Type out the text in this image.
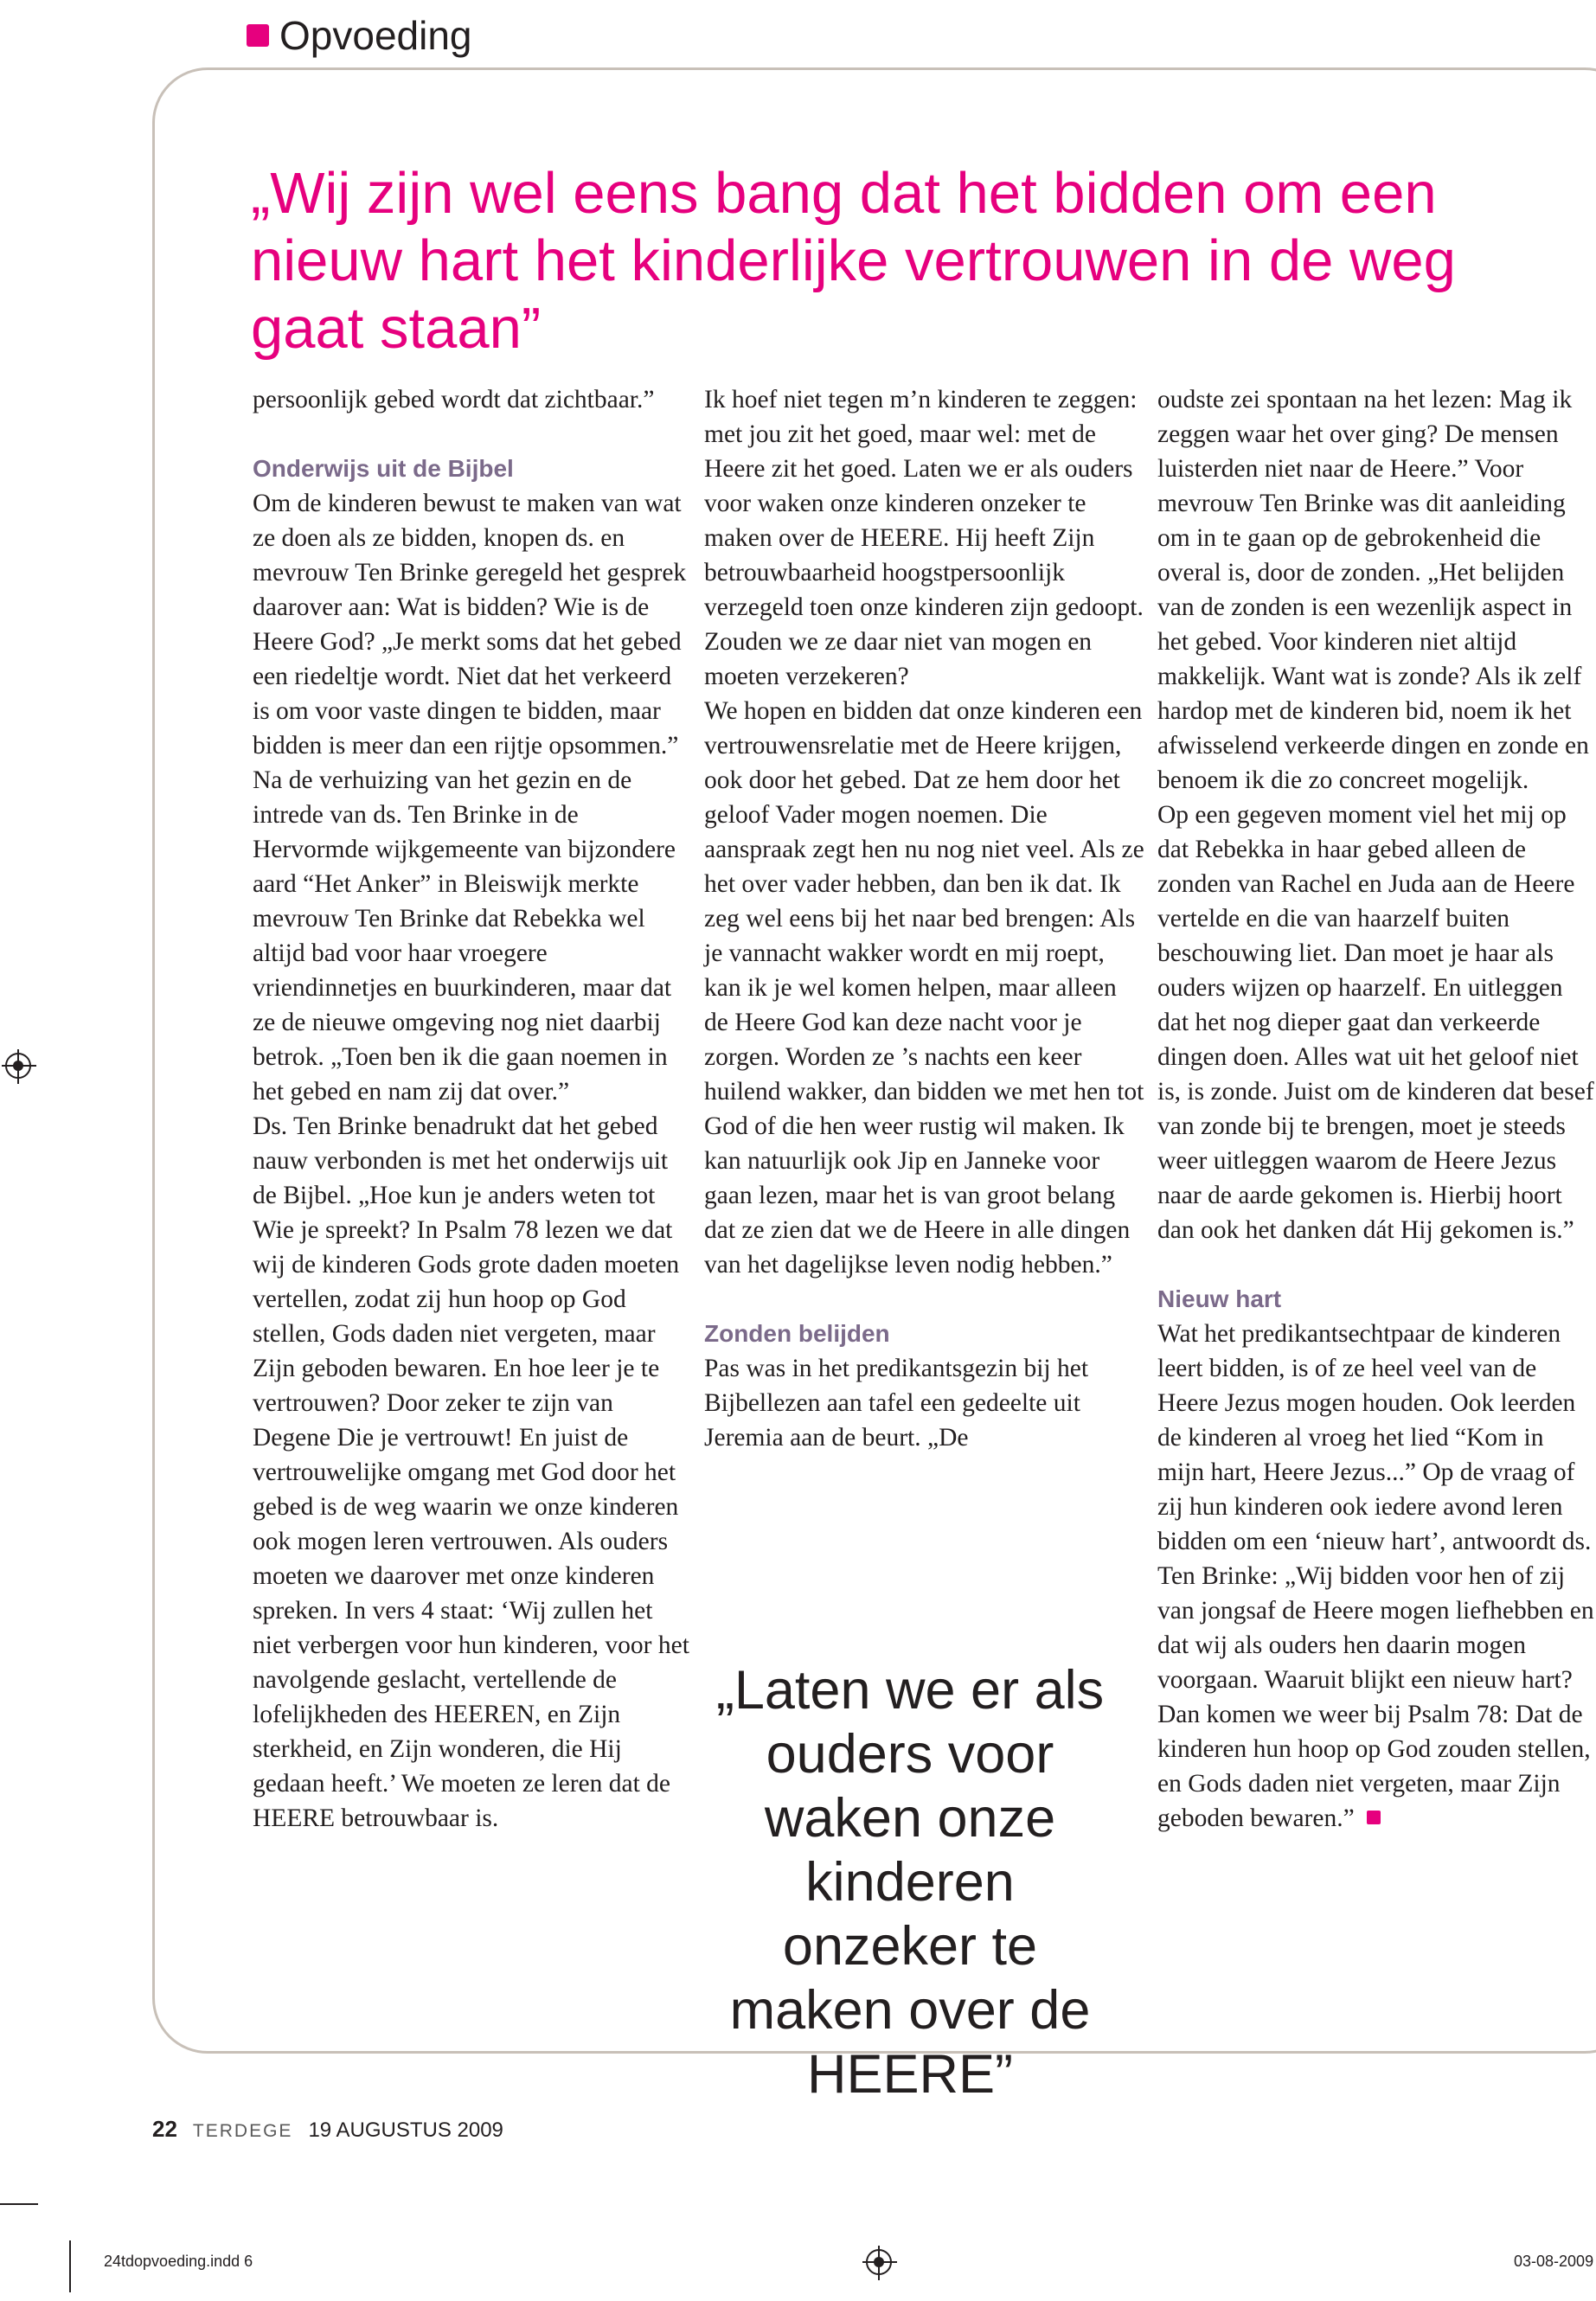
Opvoeding
„Wij zijn wel eens bang dat het bidden om een nieuw hart het kinderlijke vertrouwen in de weg gaat staan”

persoonlijk gebed wordt dat zichtbaar.”

Onderwijs uit de Bijbel

Om de kinderen bewust te maken van wat ze doen als ze bidden, knopen ds. en mevrouw Ten Brinke geregeld het gesprek daarover aan: Wat is bidden? Wie is de Heere God? „Je merkt soms dat het gebed een riedeltje wordt. Niet dat het verkeerd is om voor vaste dingen te bidden, maar bidden is meer dan een rijtje opsommen.”

Na de verhuizing van het gezin en de intrede van ds. Ten Brinke in de Hervormde wijkgemeente van bijzondere aard “Het Anker” in Bleiswijk merkte mevrouw Ten Brinke dat Rebekka wel altijd bad voor haar vroegere vriendinnetjes en buurkinderen, maar dat ze de nieuwe omgeving nog niet daarbij betrok. „Toen ben ik die gaan noemen in het gebed en nam zij dat over.”

Ds. Ten Brinke benadrukt dat het gebed nauw verbonden is met het onderwijs uit de Bijbel. „Hoe kun je anders weten tot Wie je spreekt? In Psalm 78 lezen we dat wij de kinderen Gods grote daden moeten vertellen, zodat zij hun hoop op God stellen, Gods daden niet vergeten, maar Zijn geboden bewaren. En hoe leer je te vertrouwen? Door zeker te zijn van Degene Die je vertrouwt! En juist de vertrouwelijke omgang met God door het gebed is de weg waarin we onze kinderen ook mogen leren vertrouwen. Als ouders moeten we daarover met onze kinderen spreken. In vers 4 staat: ‘Wij zullen het niet verbergen voor hun kinderen, voor het navolgende geslacht, vertellende de lofelijkheden des HEEREN, en Zijn sterkheid, en Zijn wonderen, die Hij gedaan heeft.’ We moeten ze leren dat de HEERE betrouwbaar is.

Ik hoef niet tegen m’n kinderen te zeggen: met jou zit het goed, maar wel: met de Heere zit het goed. Laten we er als ouders voor waken onze kinderen onzeker te maken over de HEERE. Hij heeft Zijn betrouwbaarheid hoogstpersoonlijk verzegeld toen onze kinderen zijn gedoopt. Zouden we ze daar niet van mogen en moeten verzekeren?

We hopen en bidden dat onze kinderen een vertrouwensrelatie met de Heere krijgen, ook door het gebed. Dat ze hem door het geloof Vader mogen noemen. Die aanspraak zegt hen nu nog niet veel. Als ze het over vader hebben, dan ben ik dat. Ik zeg wel eens bij het naar bed brengen: Als je vannacht wakker wordt en mij roept, kan ik je wel komen helpen, maar alleen de Heere God kan deze nacht voor je zorgen. Worden ze ’s nachts een keer huilend wakker, dan bidden we met hen tot God of die hen weer rustig wil maken. Ik kan natuurlijk ook Jip en Janneke voor gaan lezen, maar het is van groot belang dat ze zien dat we de Heere in alle dingen van het dagelijkse leven nodig hebben.”

Zonden belijden

Pas was in het predikantsgezin bij het Bijbellezen aan tafel een gedeelte uit Jeremia aan de beurt. „De

„Laten we er als ouders voor waken onze kinderen onzeker te maken over de HEERE”

oudste zei spontaan na het lezen: Mag ik zeggen waar het over ging? De mensen luisterden niet naar de Heere.” Voor mevrouw Ten Brinke was dit aanleiding om in te gaan op de gebrokenheid die overal is, door de zonden. „Het belijden van de zonden is een wezenlijk aspect in het gebed. Voor kinderen niet altijd makkelijk. Want wat is zonde? Als ik zelf hardop met de kinderen bid, noem ik het afwisselend verkeerde dingen en zonde en benoem ik die zo concreet mogelijk.

Op een gegeven moment viel het mij op dat Rebekka in haar gebed alleen de zonden van Rachel en Juda aan de Heere vertelde en die van haarzelf buiten beschouwing liet. Dan moet je haar als ouders wijzen op haarzelf. En uitleggen dat het nog dieper gaat dan verkeerde dingen doen. Alles wat uit het geloof niet is, is zonde. Juist om de kinderen dat besef van zonde bij te brengen, moet je steeds weer uitleggen waarom de Heere Jezus naar de aarde gekomen is. Hierbij hoort dan ook het danken dát Hij gekomen is.”

Nieuw hart

Wat het predikantsechtpaar de kinderen leert bidden, is of ze heel veel van de Heere Jezus mogen houden. Ook leerden de kinderen al vroeg het lied “Kom in mijn hart, Heere Jezus...” Op de vraag of zij hun kinderen ook iedere avond leren bidden om een ‘nieuw hart’, antwoordt ds. Ten Brinke: „Wij bidden voor hen of zij van jongsaf de Heere mogen liefhebben en dat wij als ouders hen daarin mogen voorgaan. Waaruit blijkt een nieuw hart? Dan komen we weer bij Psalm 78: Dat de kinderen hun hoop op God zouden stellen, en Gods daden niet vergeten, maar Zijn geboden bewaren.”

22 TERDEGE 19 AUGUSTUS 2009
24tdopvoeding.indd 6	03-08-2009
